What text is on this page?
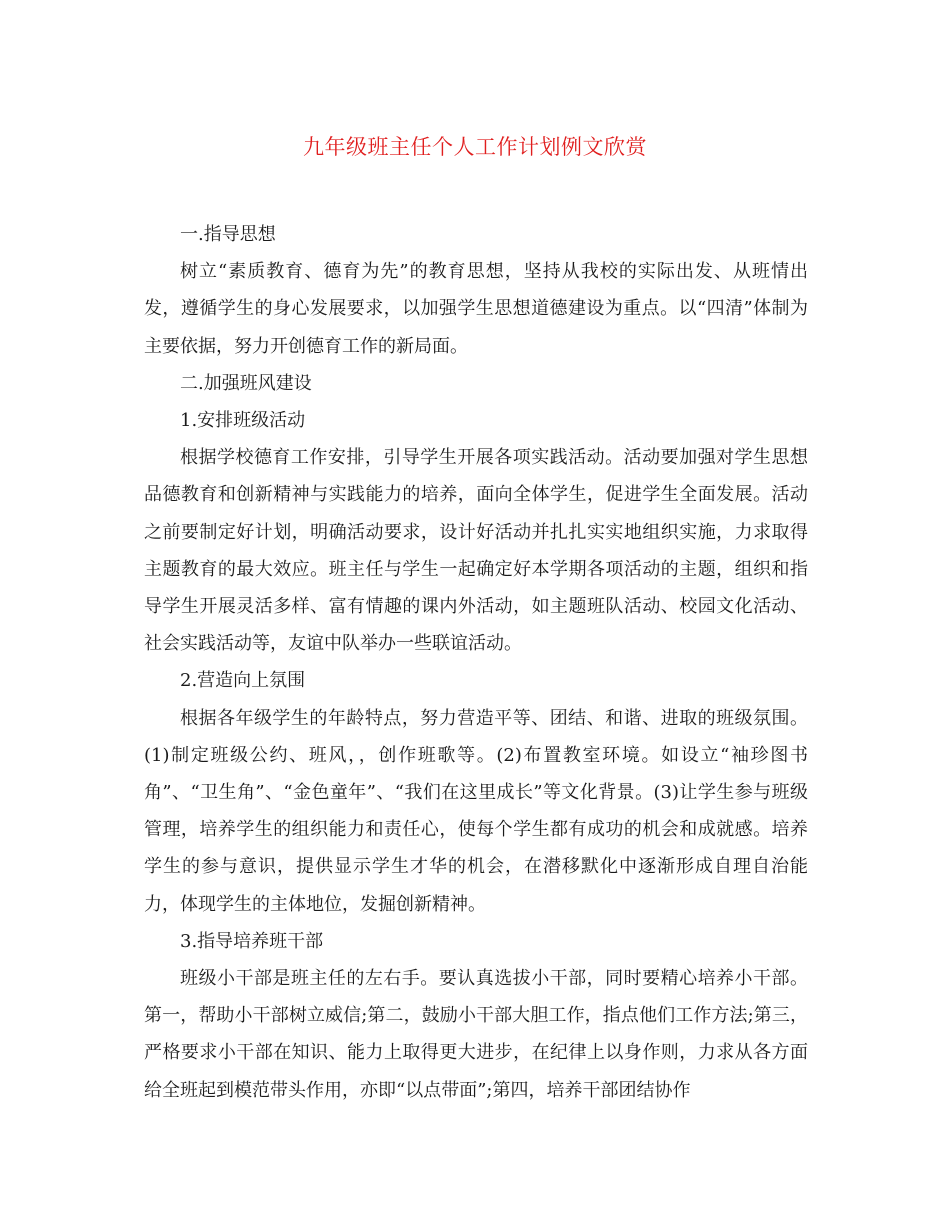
九年级班主任个人工作计划例文欣赏

一.指导思想

树立“素质教育、德育为先”的教育思想，坚持从我校的实际出发、从班情出发，遵循学生的身心发展要求，以加强学生思想道德建设为重点。以“四清”体制为主要依据，努力开创德育工作的新局面。

二.加强班风建设

1.安排班级活动

根据学校德育工作安排，引导学生开展各项实践活动。活动要加强对学生思想品德教育和创新精神与实践能力的培养，面向全体学生，促进学生全面发展。活动之前要制定好计划，明确活动要求，设计好活动并扎扎实实地组织实施，力求取得主题教育的最大效应。班主任与学生一起确定好本学期各项活动的主题，组织和指导学生开展灵活多样、富有情趣的课内外活动，如主题班队活动、校园文化活动、社会实践活动等，友谊中队举办一些联谊活动。

2.营造向上氛围

根据各年级学生的年龄特点，努力营造平等、团结、和谐、进取的班级氛围。(1)制定班级公约、班风，，创作班歌等。(2)布置教室环境。如设立“袖珍图书角”、“卫生角”、“金色童年”、“我们在这里成长”等文化背景。(3)让学生参与班级管理，培养学生的组织能力和责任心，使每个学生都有成功的机会和成就感。培养学生的参与意识，提供显示学生才华的机会，在潜移默化中逐渐形成自理自治能力，体现学生的主体地位，发掘创新精神。

3.指导培养班干部

班级小干部是班主任的左右手。要认真选拔小干部，同时要精心培养小干部。第一，帮助小干部树立威信;第二，鼓励小干部大胆工作，指点他们工作方法;第三，严格要求小干部在知识、能力上取得更大进步，在纪律上以身作则，力求从各方面给全班起到模范带头作用，亦即“以点带面”;第四，培养干部团结协作
